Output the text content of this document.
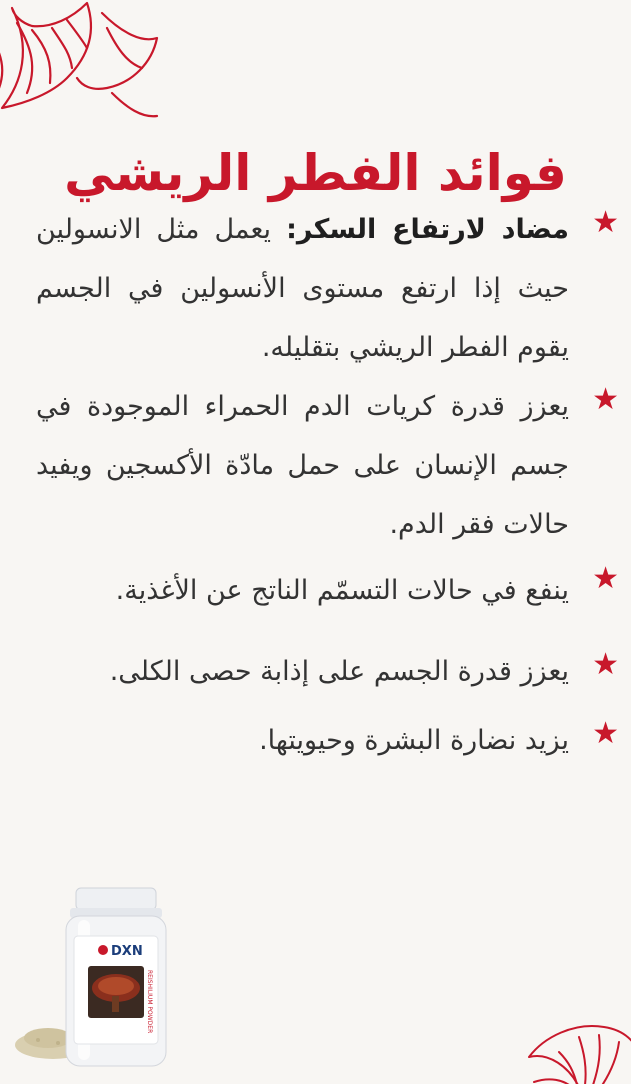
فوائد الفطر الريشي
★
مضاد لارتفاع السكر: يعمل مثل الانسولين حيث إذا ارتفع مستوى الأنسولين في الجسم يقوم الفطر الريشي بتقليله.
★
يعزز قدرة كريات الدم الحمراء الموجودة في جسم الإنسان على حمل مادّة الأكسجين ويفيد حالات فقر الدم.
★
ينفع في حالات التسمّم الناتج عن الأغذية.
★
يعزز قدرة الجسم على إذابة حصى الكلى.
★
يزيد نضارة البشرة وحيويتها.
DXN
REISHILIUM POWDER
